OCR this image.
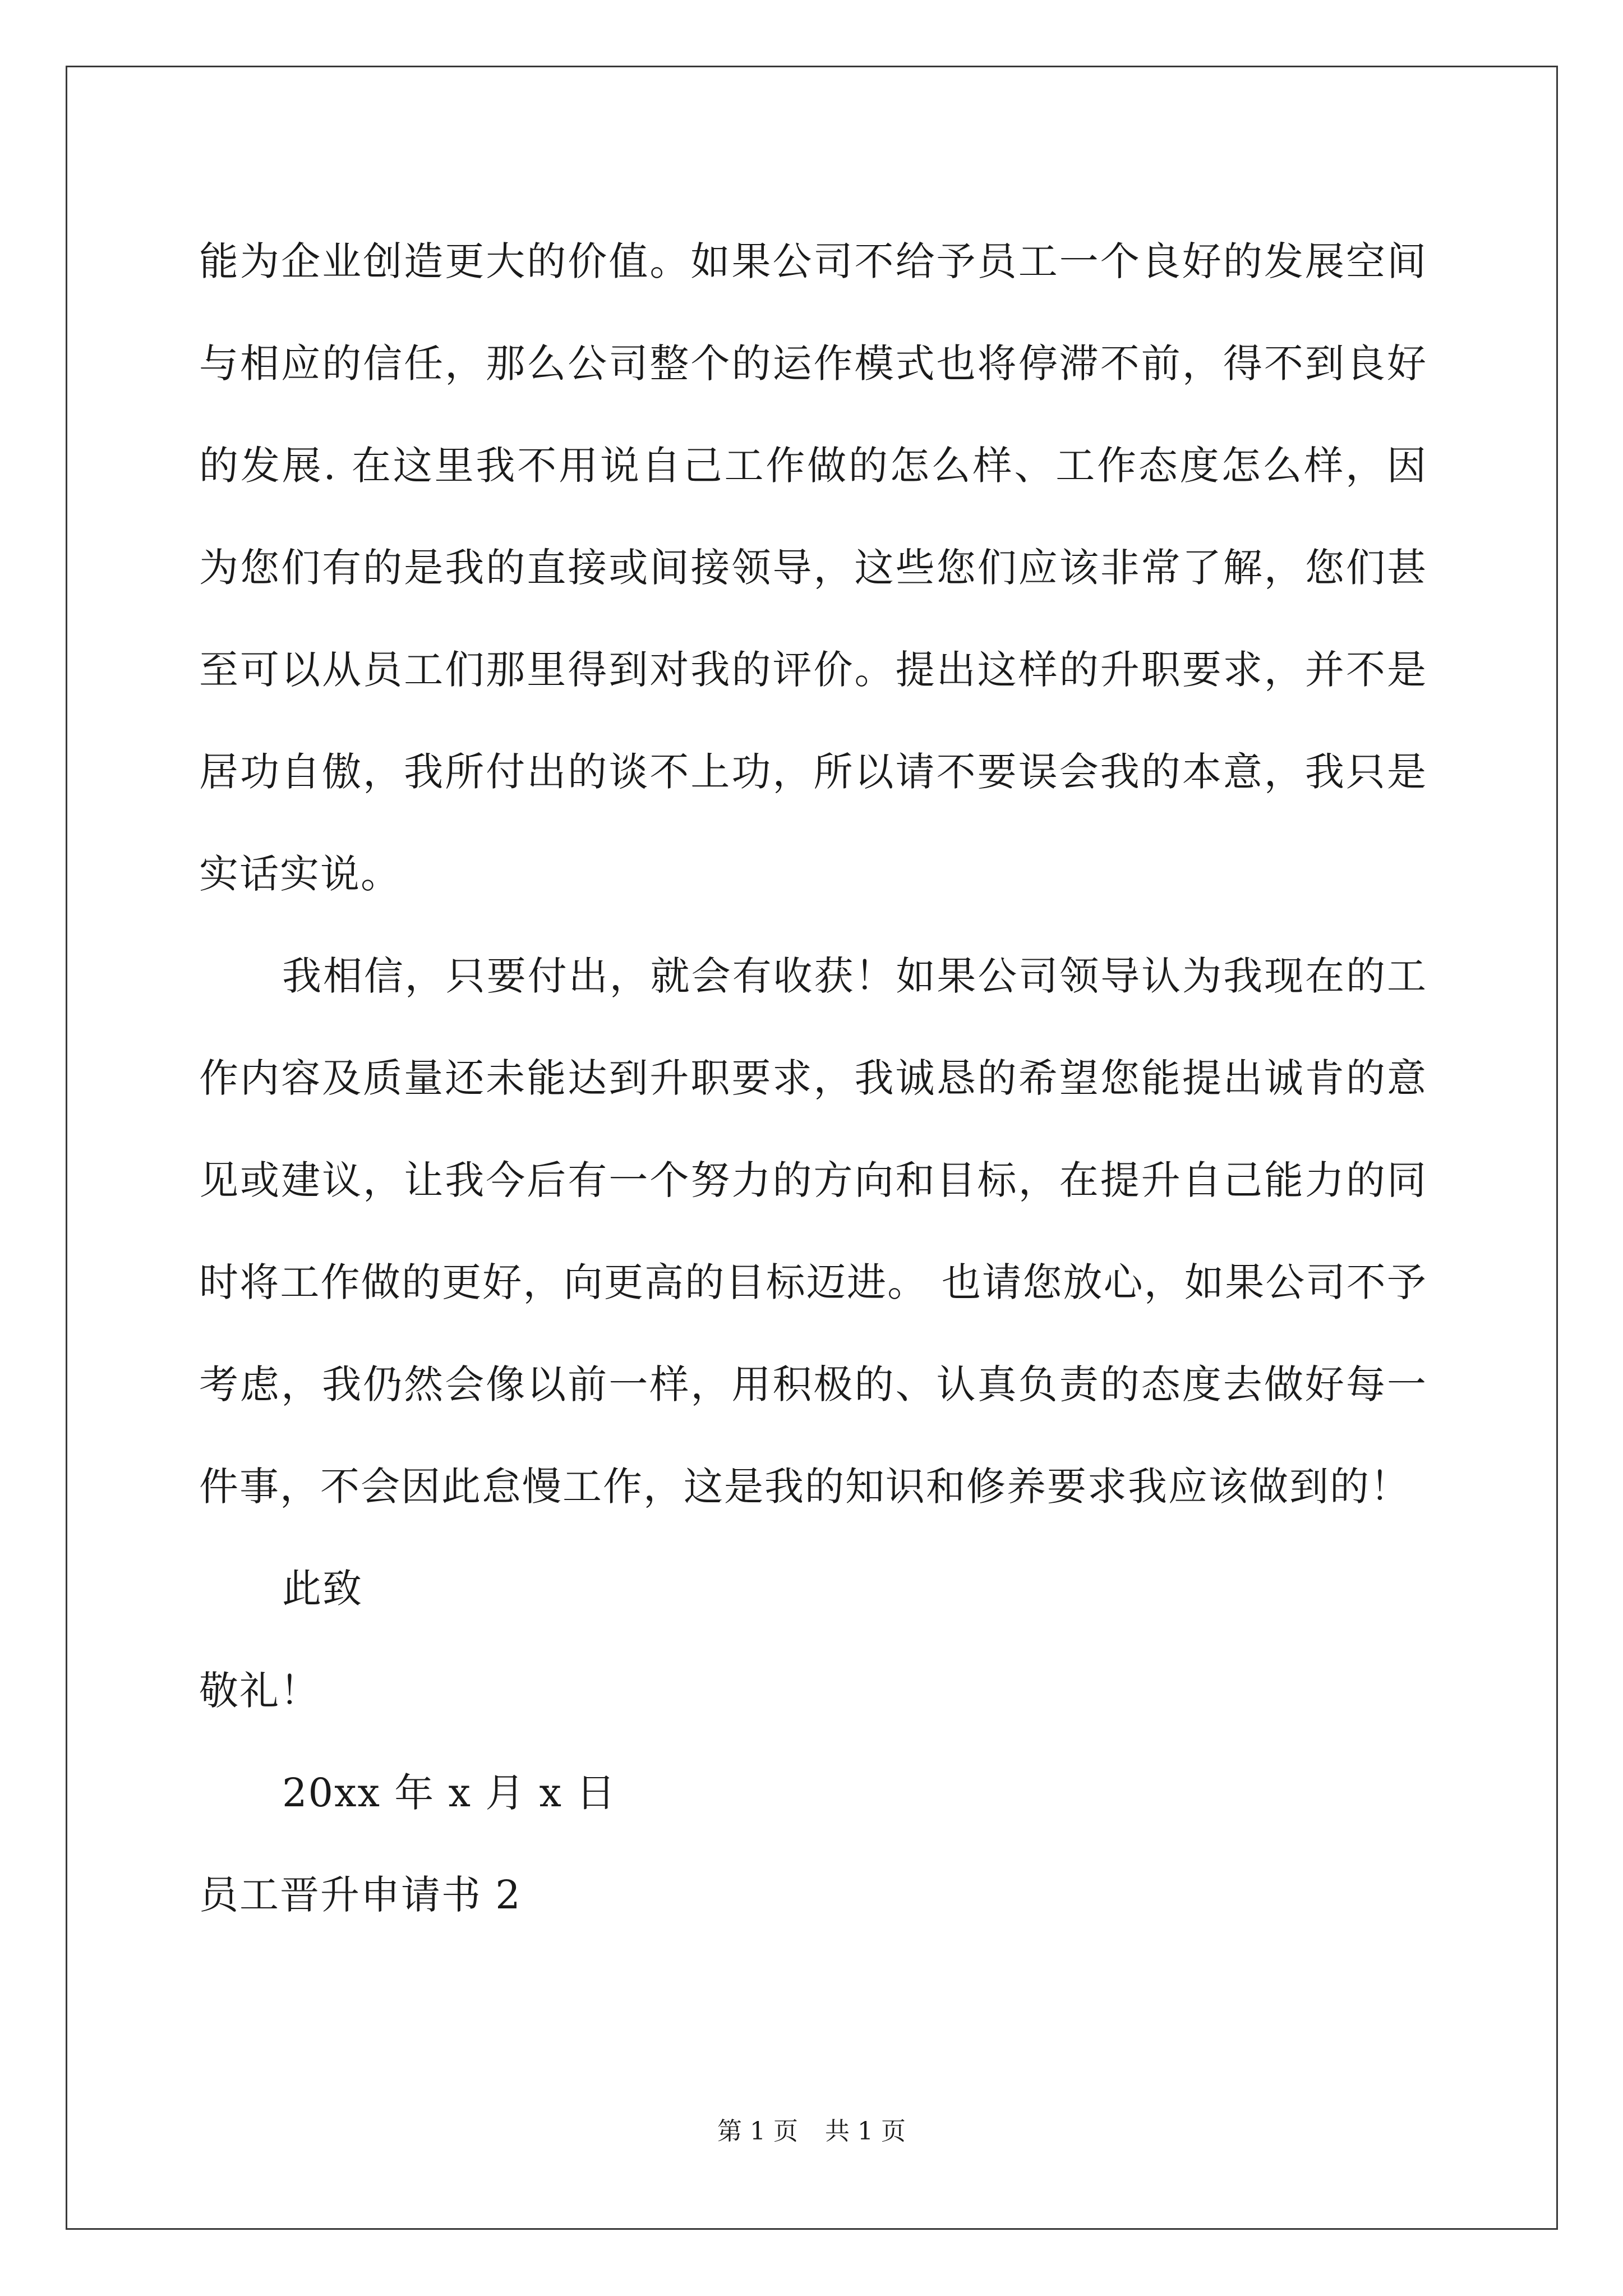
能为企业创造更大的价值。如果公司不给予员工一个良好的发展空间与相应的信任，那么公司整个的运作模式也将停滞不前，得不到良好的发展. 在这里我不用说自己工作做的怎么样、工作态度怎么样，因为您们有的是我的直接或间接领导，这些您们应该非常了解，您们甚至可以从员工们那里得到对我的评价。提出这样的升职要求，并不是居功自傲，我所付出的谈不上功，所以请不要误会我的本意，我只是实话实说。

我相信，只要付出，就会有收获！如果公司领导认为我现在的工作内容及质量还未能达到升职要求，我诚恳的希望您能提出诚肯的意见或建议，让我今后有一个努力的方向和目标，在提升自己能力的同时将工作做的更好，向更高的目标迈进。 也请您放心，如果公司不予考虑，我仍然会像以前一样，用积极的、认真负责的态度去做好每一件事，不会因此怠慢工作，这是我的知识和修养要求我应该做到的！

此致

敬礼！

20xx 年 x 月 x 日

员工晋升申请书 2

第 1 页 共 1 页
